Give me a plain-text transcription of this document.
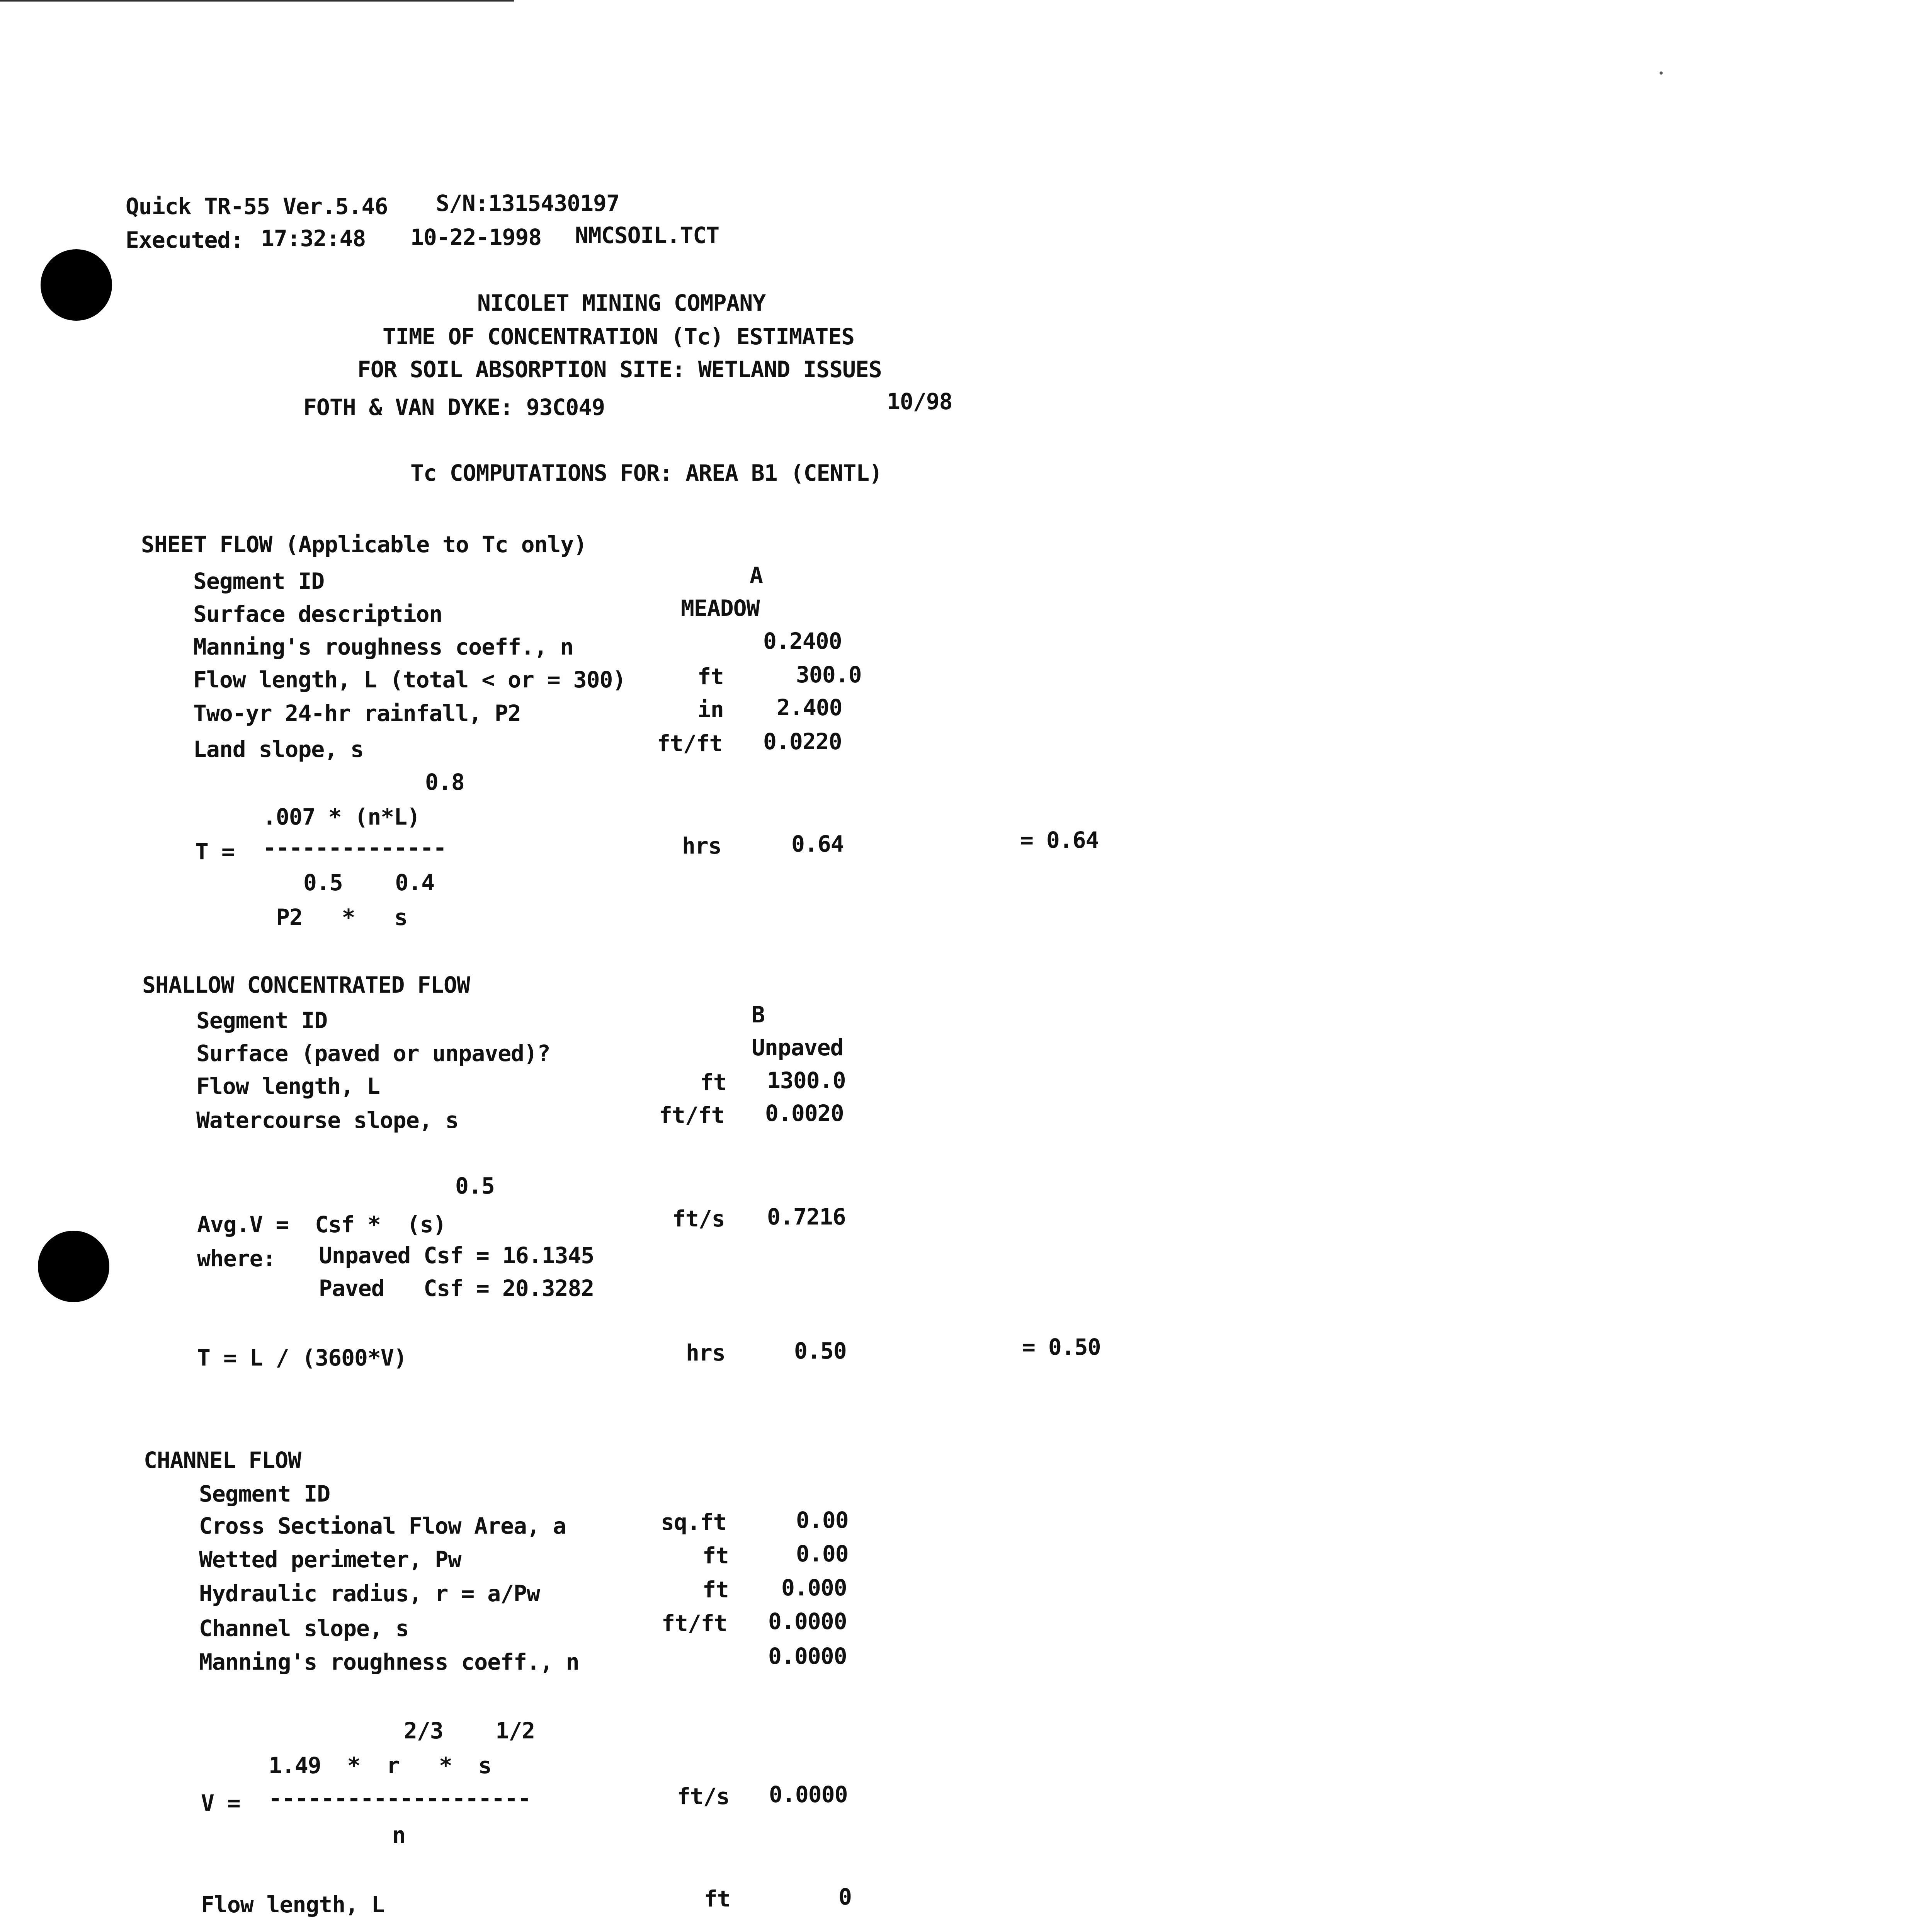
Quick TR-55 Ver.5.46 S/N:1315430197
Executed: 17:32:48 10-22-1998 NMCSOIL.TCT
NICOLET MINING COMPANY
TIME OF CONCENTRATION (Tc) ESTIMATES
FOR SOIL ABSORPTION SITE: WETLAND ISSUES
FOTH & VAN DYKE: 93C049	10/98
Tc COMPUTATIONS FOR: AREA B1 (CENTL)
SHEET FLOW (Applicable to Tc only)
Segment ID	A
Surface description	MEADOW
Manning's roughness coeff., n	0.2400
Flow length, L (total < or = 300)	ft	300.0
Two-yr 24-hr rainfall, P2	in 2.400
Land slope, s	ft/ft 0.0220
0.8
.007 * (n*L)
T = --------------
0.5    0.4
P2   *   s
hrs	0.64	= 0.64
SHALLOW CONCENTRATED FLOW
Segment ID	B
Surface (paved or unpaved)?	Unpaved
Flow length, L	ft 1300.0
Watercourse slope, s	ft/ft 0.0020
0.5
Avg.V =  Csf *  (s)	ft/s 0.7216
where: Unpaved Csf = 16.1345
Paved   Csf = 20.3282
T = L / (3600*V)	hrs	0.50	= 0.50
CHANNEL FLOW
Segment ID
Cross Sectional Flow Area, a	sq.ft	0.00
Wetted perimeter, Pw	ft	0.00
Hydraulic radius, r = a/Pw	ft 0.000
Channel slope, s	ft/ft 0.0000
Manning's roughness coeff., n	0.0000
2/3    1/2
1.49  *  r   *  s
V = --------------------
n
ft/s 0.0000
Flow length, L	ft	0
